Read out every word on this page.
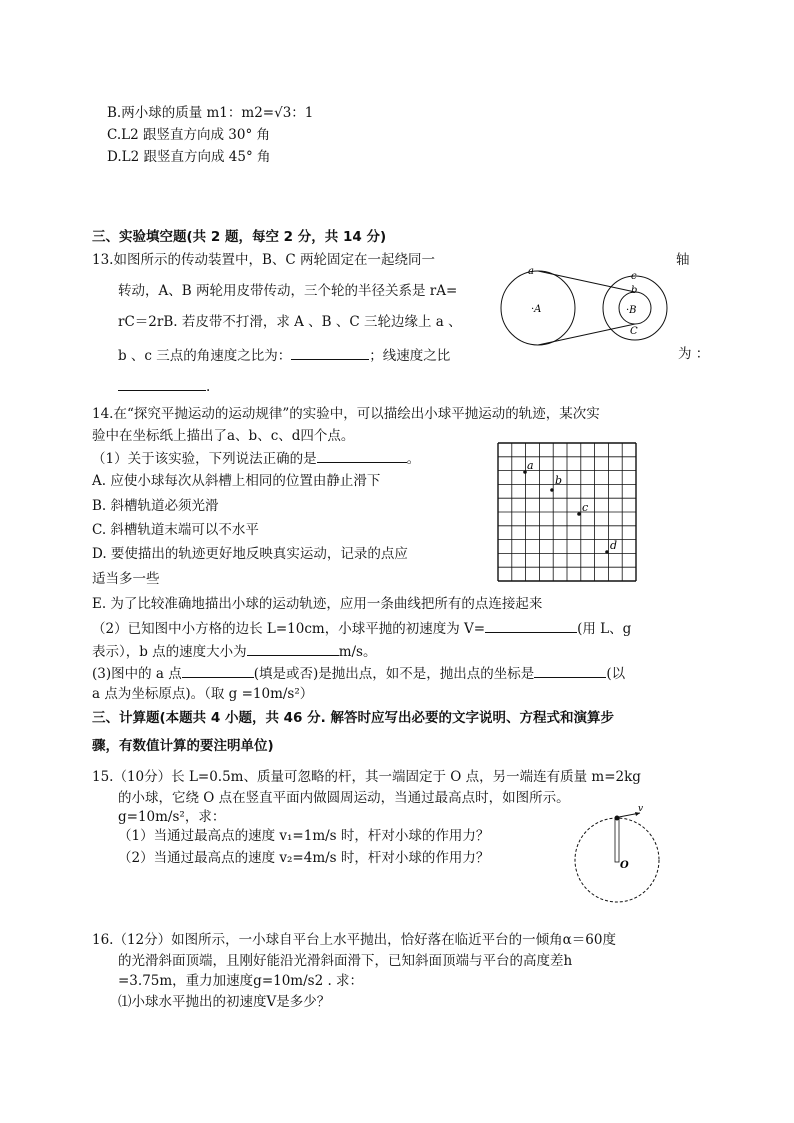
B.两小球的质量 m1：m2=√3：1
C.L2 跟竖直方向成 30° 角
D.L2 跟竖直方向成 45° 角
三、实验填空题(共 2 题，每空 2 分，共 14 分)
13.如图所示的传动装置中，B、C 两轮固定在一起绕同一	轴
转动，A、B 两轮用皮带传动，三个轮的半径关系是 rA=
rC＝2rB. 若皮带不打滑，求 A 、B 、C 三轮边缘上 a 、
b 、c 三点的角速度之比为：	；线速度之比	为 ：
.
a
·A
c
b
·B
C
14.在“探究平抛运动的运动规律”的实验中，可以描绘出小球平抛运动的轨迹，某次实
验中在坐标纸上描出了a、b、c、d四个点。
（1）关于该实验，下列说法正确的是	。
A. 应使小球每次从斜槽上相同的位置由静止滑下
B. 斜槽轨道必须光滑
C. 斜槽轨道末端可以不水平
D. 要使描出的轨迹更好地反映真实运动，记录的点应
适当多一些
E. 为了比较准确地描出小球的运动轨迹，应用一条曲线把所有的点连接起来
（2）已知图中小方格的边长 L=10cm，小球平抛的初速度为 V=	(用 L、g
表示），b 点的速度大小为	m/s。
(3)图中的 a 点	(填是或否)是抛出点，如不是，抛出点的坐标是	(以
a 点为坐标原点)。（取 g =10m/s²）
a
b
c
d
三、计算题(本题共 4 小题，共 46 分. 解答时应写出必要的文字说明、方程式和演算步
骤，有数值计算的要注明单位)
15.（10分）长 L=0.5m、质量可忽略的杆，其一端固定于 O 点，另一端连有质量 m=2kg
的小球，它绕 O 点在竖直平面内做圆周运动，当通过最高点时，如图所示。
g=10m/s²，求：
（1）当通过最高点的速度 v₁=1m/s 时，杆对小球的作用力？
（2）当通过最高点的速度 v₂=4m/s 时，杆对小球的作用力？
v
O
16.（12分）如图所示，一小球自平台上水平抛出，恰好落在临近平台的一倾角α＝60度
的光滑斜面顶端，且刚好能沿光滑斜面滑下，已知斜面顶端与平台的高度差h
=3.75m，重力加速度g=10m/s2 . 求：
⑴小球水平抛出的初速度V是多少？
